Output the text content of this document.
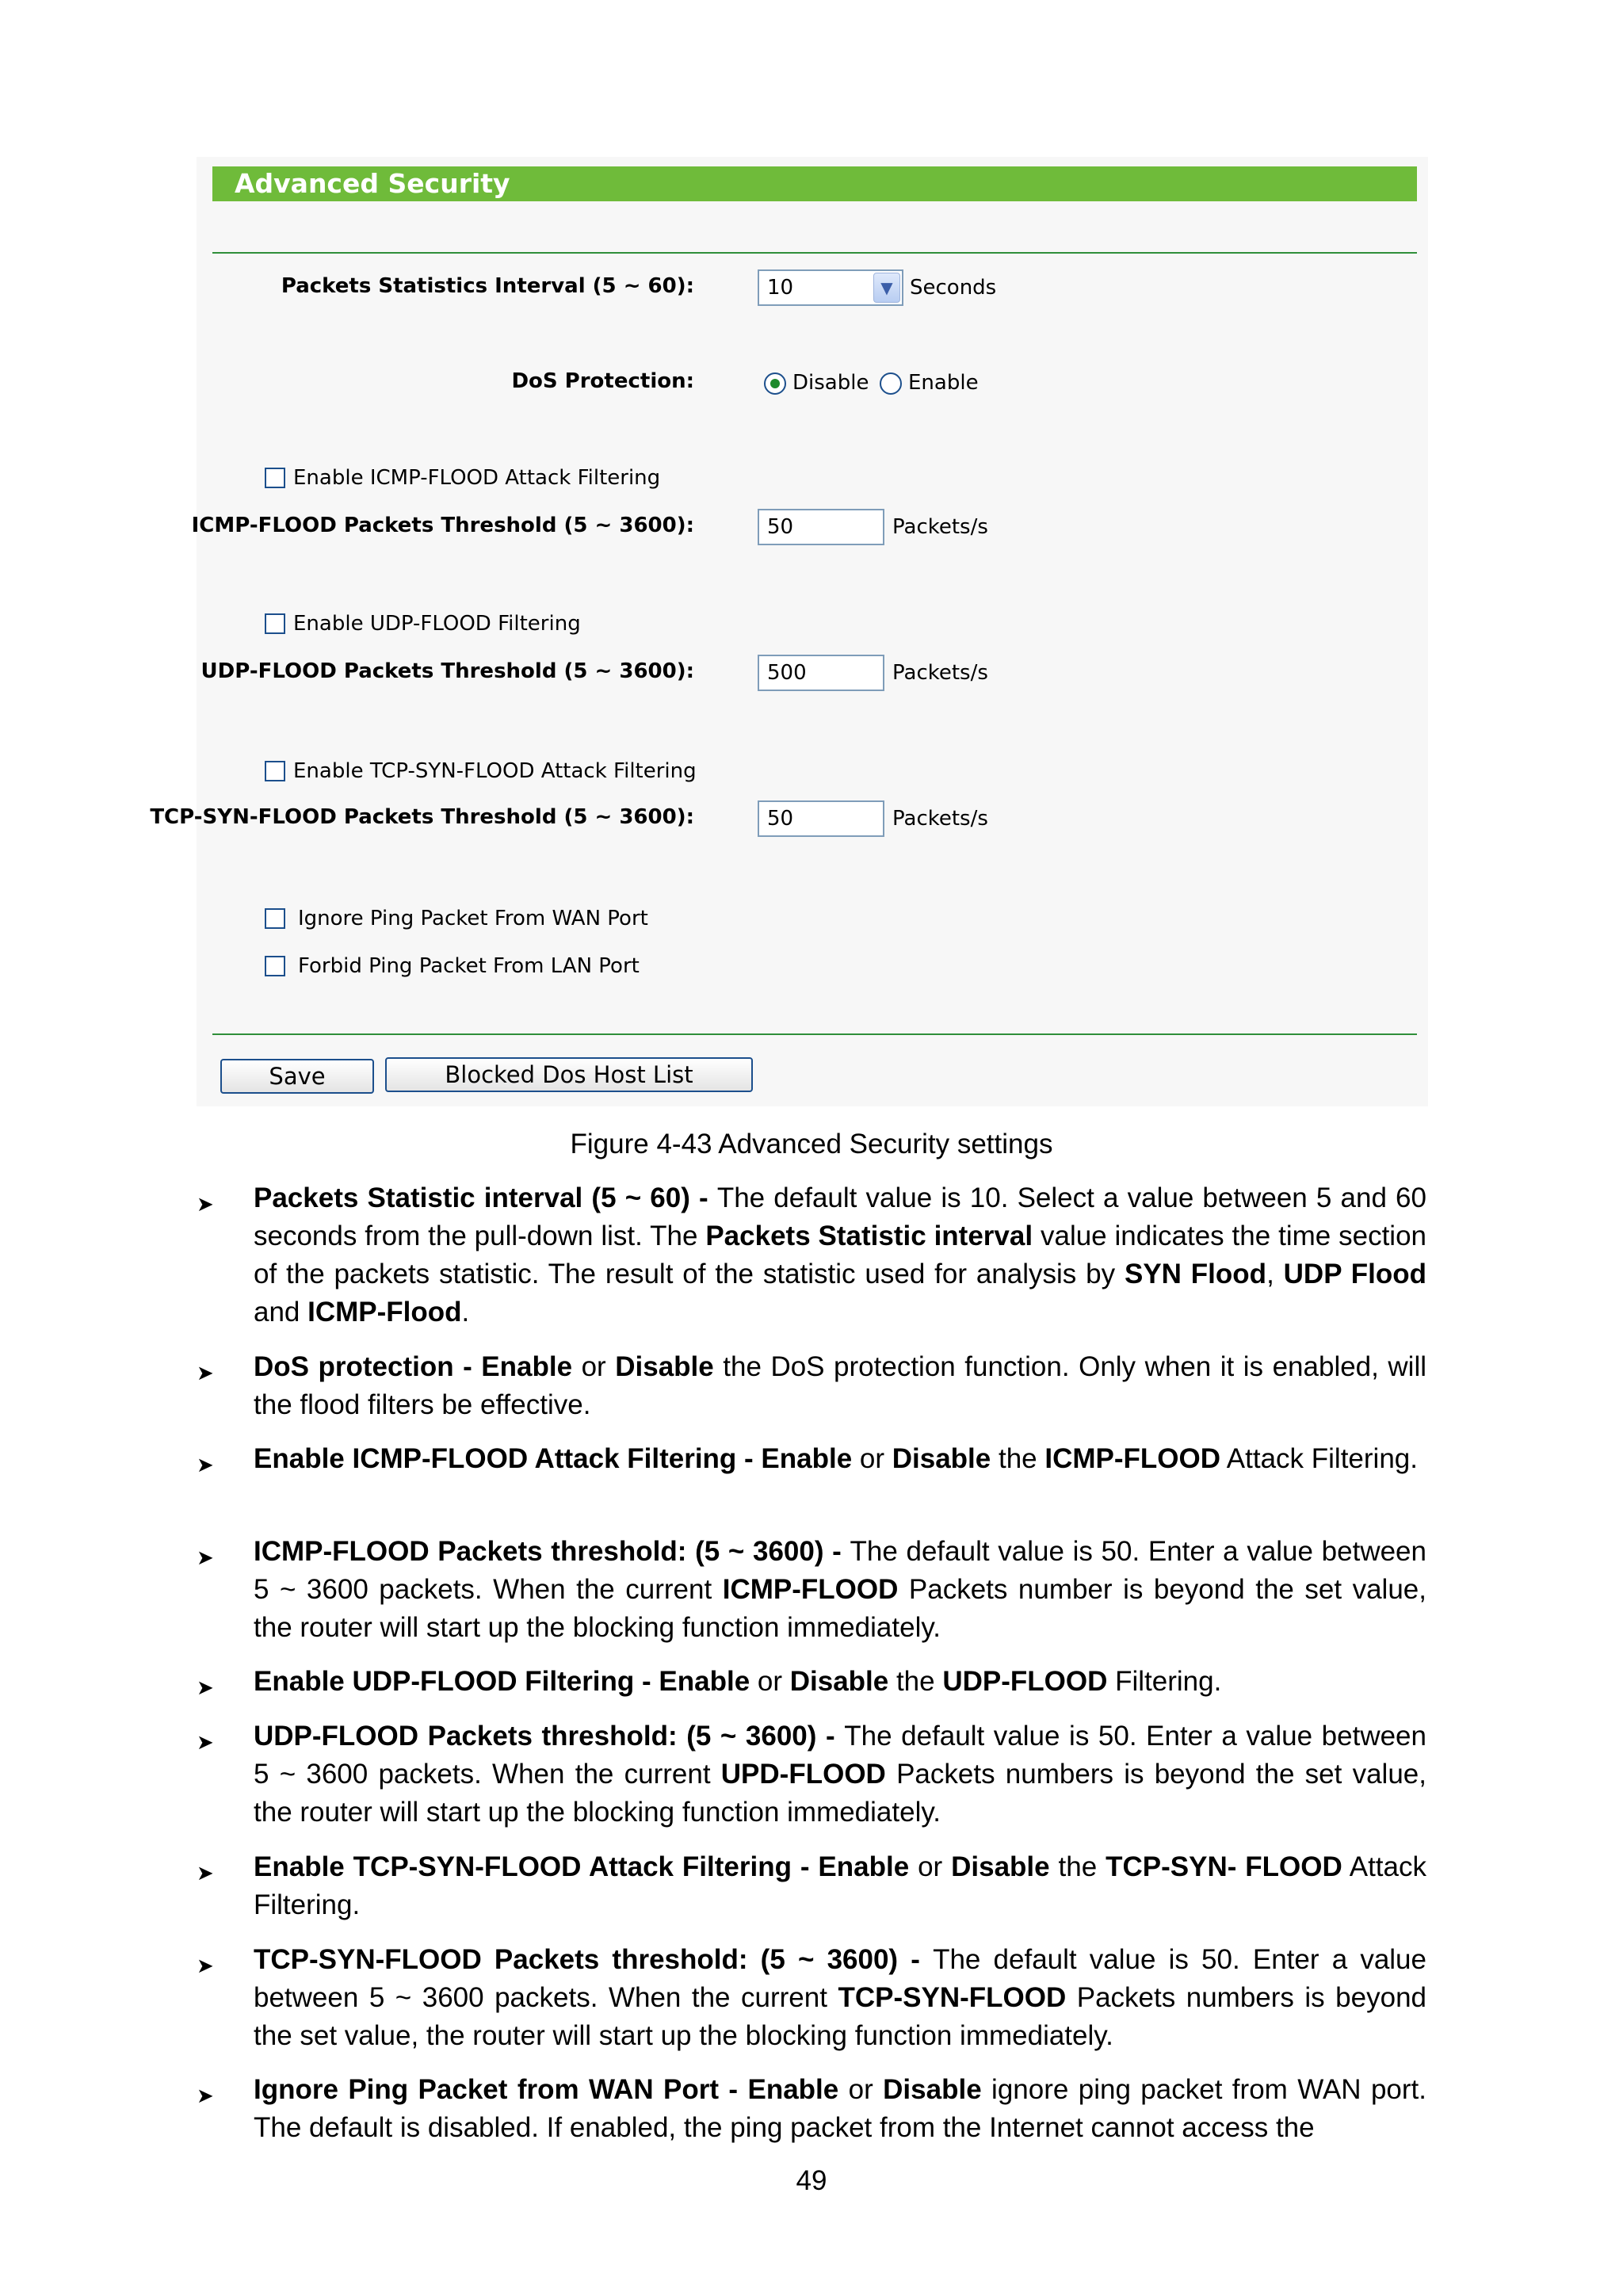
Advanced Security
Packets Statistics Interval (5 ~ 60):	10	▼ Seconds
DoS Protection:	Disable Enable
Enable ICMP-FLOOD Attack Filtering
ICMP-FLOOD Packets Threshold (5 ~ 3600):	50	Packets/s
Enable UDP-FLOOD Filtering
UDP-FLOOD Packets Threshold (5 ~ 3600):	500	Packets/s
Enable TCP-SYN-FLOOD Attack Filtering
TCP-SYN-FLOOD Packets Threshold (5 ~ 3600):	50	Packets/s
Ignore Ping Packet From WAN Port
Forbid Ping Packet From LAN Port
Save	Blocked Dos Host List
Figure 4-43 Advanced Security settings
➤ Packets Statistic interval (5 ~ 60) - The default value is 10. Select a value between 5 and 60 seconds from the pull-down list. The Packets Statistic interval value indicates the time section of the packets statistic. The result of the statistic used for analysis by SYN Flood, UDP Flood and ICMP-Flood.
➤ DoS protection - Enable or Disable the DoS protection function. Only when it is enabled, will the flood filters be effective.
➤ Enable ICMP-FLOOD Attack Filtering - Enable or Disable the ICMP-FLOOD Attack Filtering.
➤ ICMP-FLOOD Packets threshold: (5 ~ 3600) - The default value is 50. Enter a value between 5 ~ 3600 packets. When the current ICMP-FLOOD Packets number is beyond the set value, the router will start up the blocking function immediately.
➤ Enable UDP-FLOOD Filtering - Enable or Disable the UDP-FLOOD Filtering.
➤ UDP-FLOOD Packets threshold: (5 ~ 3600) - The default value is 50. Enter a value between 5 ~ 3600 packets. When the current UPD-FLOOD Packets numbers is beyond the set value, the router will start up the blocking function immediately.
➤ Enable TCP-SYN-FLOOD Attack Filtering - Enable or Disable the TCP-SYN- FLOOD Attack Filtering.
➤ TCP-SYN-FLOOD Packets threshold: (5 ~ 3600) - The default value is 50. Enter a value between 5 ~ 3600 packets. When the current TCP-SYN-FLOOD Packets numbers is beyond the set value, the router will start up the blocking function immediately.
➤ Ignore Ping Packet from WAN Port - Enable or Disable ignore ping packet from WAN port. The default is disabled. If enabled, the ping packet from the Internet cannot access the
49
